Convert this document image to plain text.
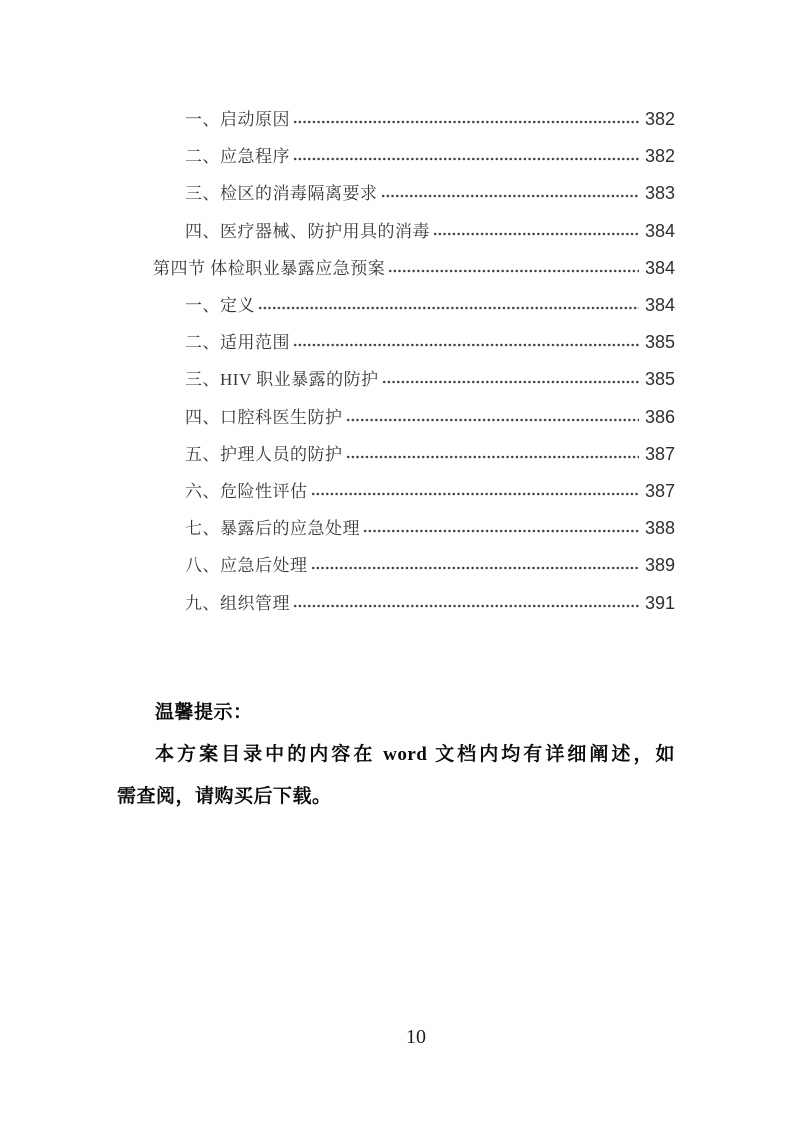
一、启动原因	382
二、应急程序	382
三、检区的消毒隔离要求	383
四、医疗器械、防护用具的消毒	384
第四节 体检职业暴露应急预案	384
一、定义	384
二、适用范围	385
三、HIV 职业暴露的防护	385
四、口腔科医生防护	386
五、护理人员的防护	387
六、危险性评估	387
七、暴露后的应急处理	388
八、应急后处理	389
九、组织管理	391
温馨提示：
本方案目录中的内容在 word 文档内均有详细阐述，如
需查阅，请购买后下载。
10
